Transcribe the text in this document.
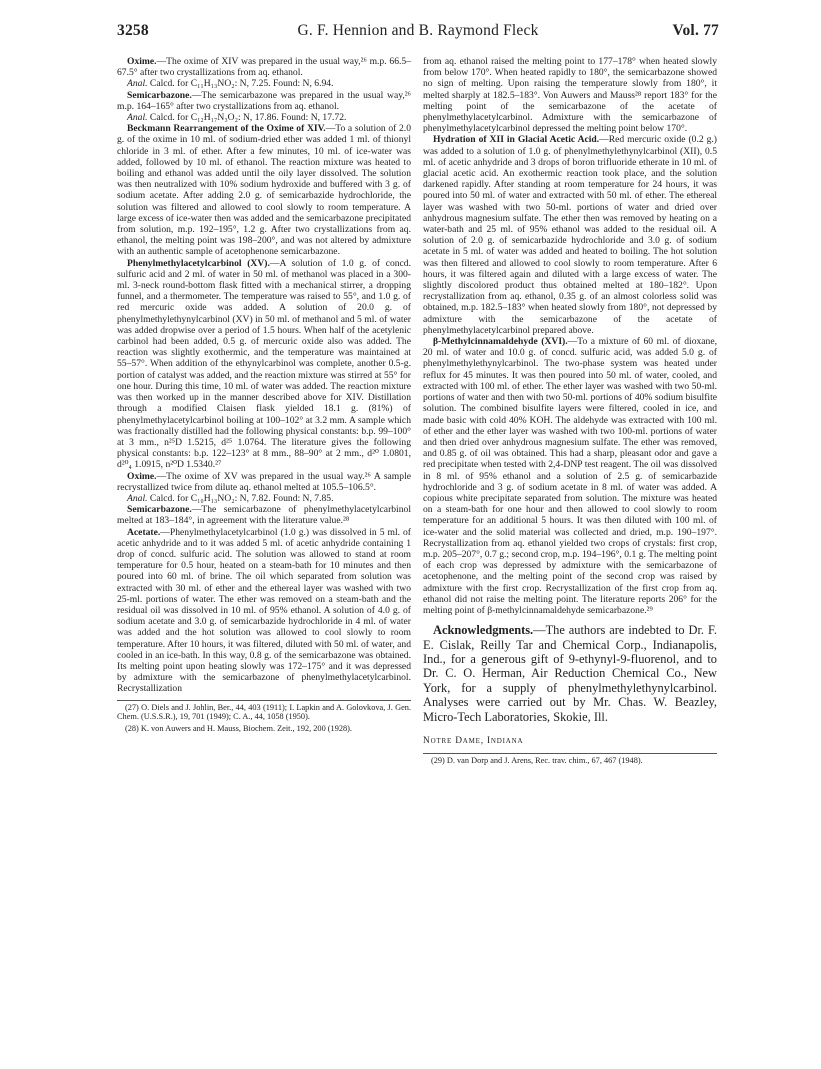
3258	G. F. Hennion and B. Raymond Fleck	Vol. 77

Oxime.—The oxime of XIV was prepared in the usual way,²⁶ m.p. 66.5–67.5° after two crystallizations from aq. ethanol.

Anal. Calcd. for C₁₁H₁₃NO₂: N, 7.25. Found: N, 6.94.

Semicarbazone.—The semicarbazone was prepared in the usual way,²⁶ m.p. 164–165° after two crystallizations from aq. ethanol.

Anal. Calcd. for C₁₂H₁₇N₃O₂: N, 17.86. Found: N, 17.72.

Beckmann Rearrangement of the Oxime of XIV.—To a solution of 2.0 g. of the oxime in 10 ml. of sodium-dried ether was added 1 ml. of thionyl chloride in 3 ml. of ether. After a few minutes, 10 ml. of ice-water was added, followed by 10 ml. of ethanol. The reaction mixture was heated to boiling and ethanol was added until the oily layer dissolved. The solution was then neutralized with 10% sodium hydroxide and buffered with 3 g. of sodium acetate. After adding 2.0 g. of semicarbazide hydrochloride, the solution was filtered and allowed to cool slowly to room temperature. A large excess of ice-water then was added and the semicarbazone precipitated from solution, m.p. 192–195°, 1.2 g. After two crystallizations from aq. ethanol, the melting point was 198–200°, and was not altered by admixture with an authentic sample of acetophenone semicarbazone.

Phenylmethylacetylcarbinol (XV).—A solution of 1.0 g. of concd. sulfuric acid and 2 ml. of water in 50 ml. of methanol was placed in a 300-ml. 3-neck round-bottom flask fitted with a mechanical stirrer, a dropping funnel, and a thermometer. The temperature was raised to 55°, and 1.0 g. of red mercuric oxide was added. A solution of 20.0 g. of phenylmethylethynylcarbinol (XV) in 50 ml. of methanol and 5 ml. of water was added dropwise over a period of 1.5 hours. When half of the acetylenic carbinol had been added, 0.5 g. of mercuric oxide also was added. The reaction was slightly exothermic, and the temperature was maintained at 55–57°. When addition of the ethynylcarbinol was complete, another 0.5-g. portion of catalyst was added, and the reaction mixture was stirred at 55° for one hour. During this time, 10 ml. of water was added. The reaction mixture was then worked up in the manner described above for XIV. Distillation through a modified Claisen flask yielded 18.1 g. (81%) of phenylmethylacetylcarbinol boiling at 100–102° at 3.2 mm. A sample which was fractionally distilled had the following physical constants: b.p. 99–100° at 3 mm., n²⁵D 1.5215, d²⁵ 1.0764. The literature gives the following physical constants: b.p. 122–123° at 8 mm., 88–90° at 2 mm., d²⁰ 1.0801, d²⁰₄ 1.0915, n²⁰D 1.5340.²⁷

Oxime.—The oxime of XV was prepared in the usual way.²⁶ A sample recrystallized twice from dilute aq. ethanol melted at 105.5–106.5°.

Anal. Calcd. for C₁₀H₁₃NO₂: N, 7.82. Found: N, 7.85.

Semicarbazone.—The semicarbazone of phenylmethylacetylcarbinol melted at 183–184°, in agreement with the literature value.²⁸

Acetate.—Phenylmethylacetylcarbinol (1.0 g.) was dissolved in 5 ml. of acetic anhydride and to it was added 5 ml. of acetic anhydride containing 1 drop of concd. sulfuric acid. The solution was allowed to stand at room temperature for 0.5 hour, heated on a steam-bath for 10 minutes and then poured into 60 ml. of brine. The oil which separated from solution was extracted with 30 ml. of ether and the ethereal layer was washed with two 25-ml. portions of water. The ether was removed on a steam-bath and the residual oil was dissolved in 10 ml. of 95% ethanol. A solution of 4.0 g. of sodium acetate and 3.0 g. of semicarbazide hydrochloride in 4 ml. of water was added and the hot solution was allowed to cool slowly to room temperature. After 10 hours, it was filtered, diluted with 50 ml. of water, and cooled in an ice-bath. In this way, 0.8 g. of the semicarbazone was obtained. Its melting point upon heating slowly was 172–175° and it was depressed by admixture with the semicarbazone of phenylmethylacetylcarbinol. Recrystallization

(27) O. Diels and J. Johlin, Ber., 44, 403 (1911); I. Lapkin and A. Golovkova, J. Gen. Chem. (U.S.S.R.), 19, 701 (1949); C. A., 44, 1058 (1950).

(28) K. von Auwers and H. Mauss, Biochem. Zeit., 192, 200 (1928).

from aq. ethanol raised the melting point to 177–178° when heated slowly from below 170°. When heated rapidly to 180°, the semicarbazone showed no sign of melting. Upon raising the temperature slowly from 180°, it melted sharply at 182.5–183°. Von Auwers and Mauss²⁸ report 183° for the melting point of the semicarbazone of the acetate of phenylmethylacetylcarbinol. Admixture with the semicarbazone of phenylmethylacetylcarbinol depressed the melting point below 170°.

Hydration of XII in Glacial Acetic Acid.—Red mercuric oxide (0.2 g.) was added to a solution of 1.0 g. of phenylmethylethynylcarbinol (XII), 0.5 ml. of acetic anhydride and 3 drops of boron trifluoride etherate in 10 ml. of glacial acetic acid. An exothermic reaction took place, and the solution darkened rapidly. After standing at room temperature for 24 hours, it was poured into 50 ml. of water and extracted with 50 ml. of ether. The ethereal layer was washed with two 50-ml. portions of water and dried over anhydrous magnesium sulfate. The ether then was removed by heating on a water-bath and 25 ml. of 95% ethanol was added to the residual oil. A solution of 2.0 g. of semicarbazide hydrochloride and 3.0 g. of sodium acetate in 5 ml. of water was added and heated to boiling. The hot solution was then filtered and allowed to cool slowly to room temperature. After 6 hours, it was filtered again and diluted with a large excess of water. The slightly discolored product thus obtained melted at 180–182°. Upon recrystallization from aq. ethanol, 0.35 g. of an almost colorless solid was obtained, m.p. 182.5–183° when heated slowly from 180°, not depressed by admixture with the semicarbazone of the acetate of phenylmethylacetylcarbinol prepared above.

β-Methylcinnamaldehyde (XVI).—To a mixture of 60 ml. of dioxane, 20 ml. of water and 10.0 g. of concd. sulfuric acid, was added 5.0 g. of phenylmethylethynylcarbinol. The two-phase system was heated under reflux for 45 minutes. It was then poured into 50 ml. of water, cooled, and extracted with 100 ml. of ether. The ether layer was washed with two 50-ml. portions of water and then with two 50-ml. portions of 40% sodium bisulfite solution. The combined bisulfite layers were filtered, cooled in ice, and made basic with cold 40% KOH. The aldehyde was extracted with 100 ml. of ether and the ether layer was washed with two 100-ml. portions of water and then dried over anhydrous magnesium sulfate. The ether was removed, and 0.85 g. of oil was obtained. This had a sharp, pleasant odor and gave a red precipitate when tested with 2,4-DNP test reagent. The oil was dissolved in 8 ml. of 95% ethanol and a solution of 2.5 g. of semicarbazide hydrochloride and 3 g. of sodium acetate in 8 ml. of water was added. A copious white precipitate separated from solution. The mixture was heated on a steam-bath for one hour and then allowed to cool slowly to room temperature for an additional 5 hours. It was then diluted with 100 ml. of ice-water and the solid material was collected and dried, m.p. 190–197°. Recrystallization from aq. ethanol yielded two crops of crystals: first crop, m.p. 205–207°, 0.7 g.; second crop, m.p. 194–196°, 0.1 g. The melting point of each crop was depressed by admixture with the semicarbazone of acetophenone, and the melting point of the second crop was raised by admixture with the first crop. Recrystallization of the first crop from aq. ethanol did not raise the melting point. The literature reports 206° for the melting point of β-methylcinnamaldehyde semicarbazone.²⁹

Acknowledgments.—The authors are indebted to Dr. F. E. Cislak, Reilly Tar and Chemical Corp., Indianapolis, Ind., for a generous gift of 9-ethynyl-9-fluorenol, and to Dr. C. O. Herman, Air Reduction Chemical Co., New York, for a supply of phenylmethylethynylcarbinol. Analyses were carried out by Mr. Chas. W. Beazley, Micro-Tech Laboratories, Skokie, Ill.

Notre Dame, Indiana

(29) D. van Dorp and J. Arens, Rec. trav. chim., 67, 467 (1948).
